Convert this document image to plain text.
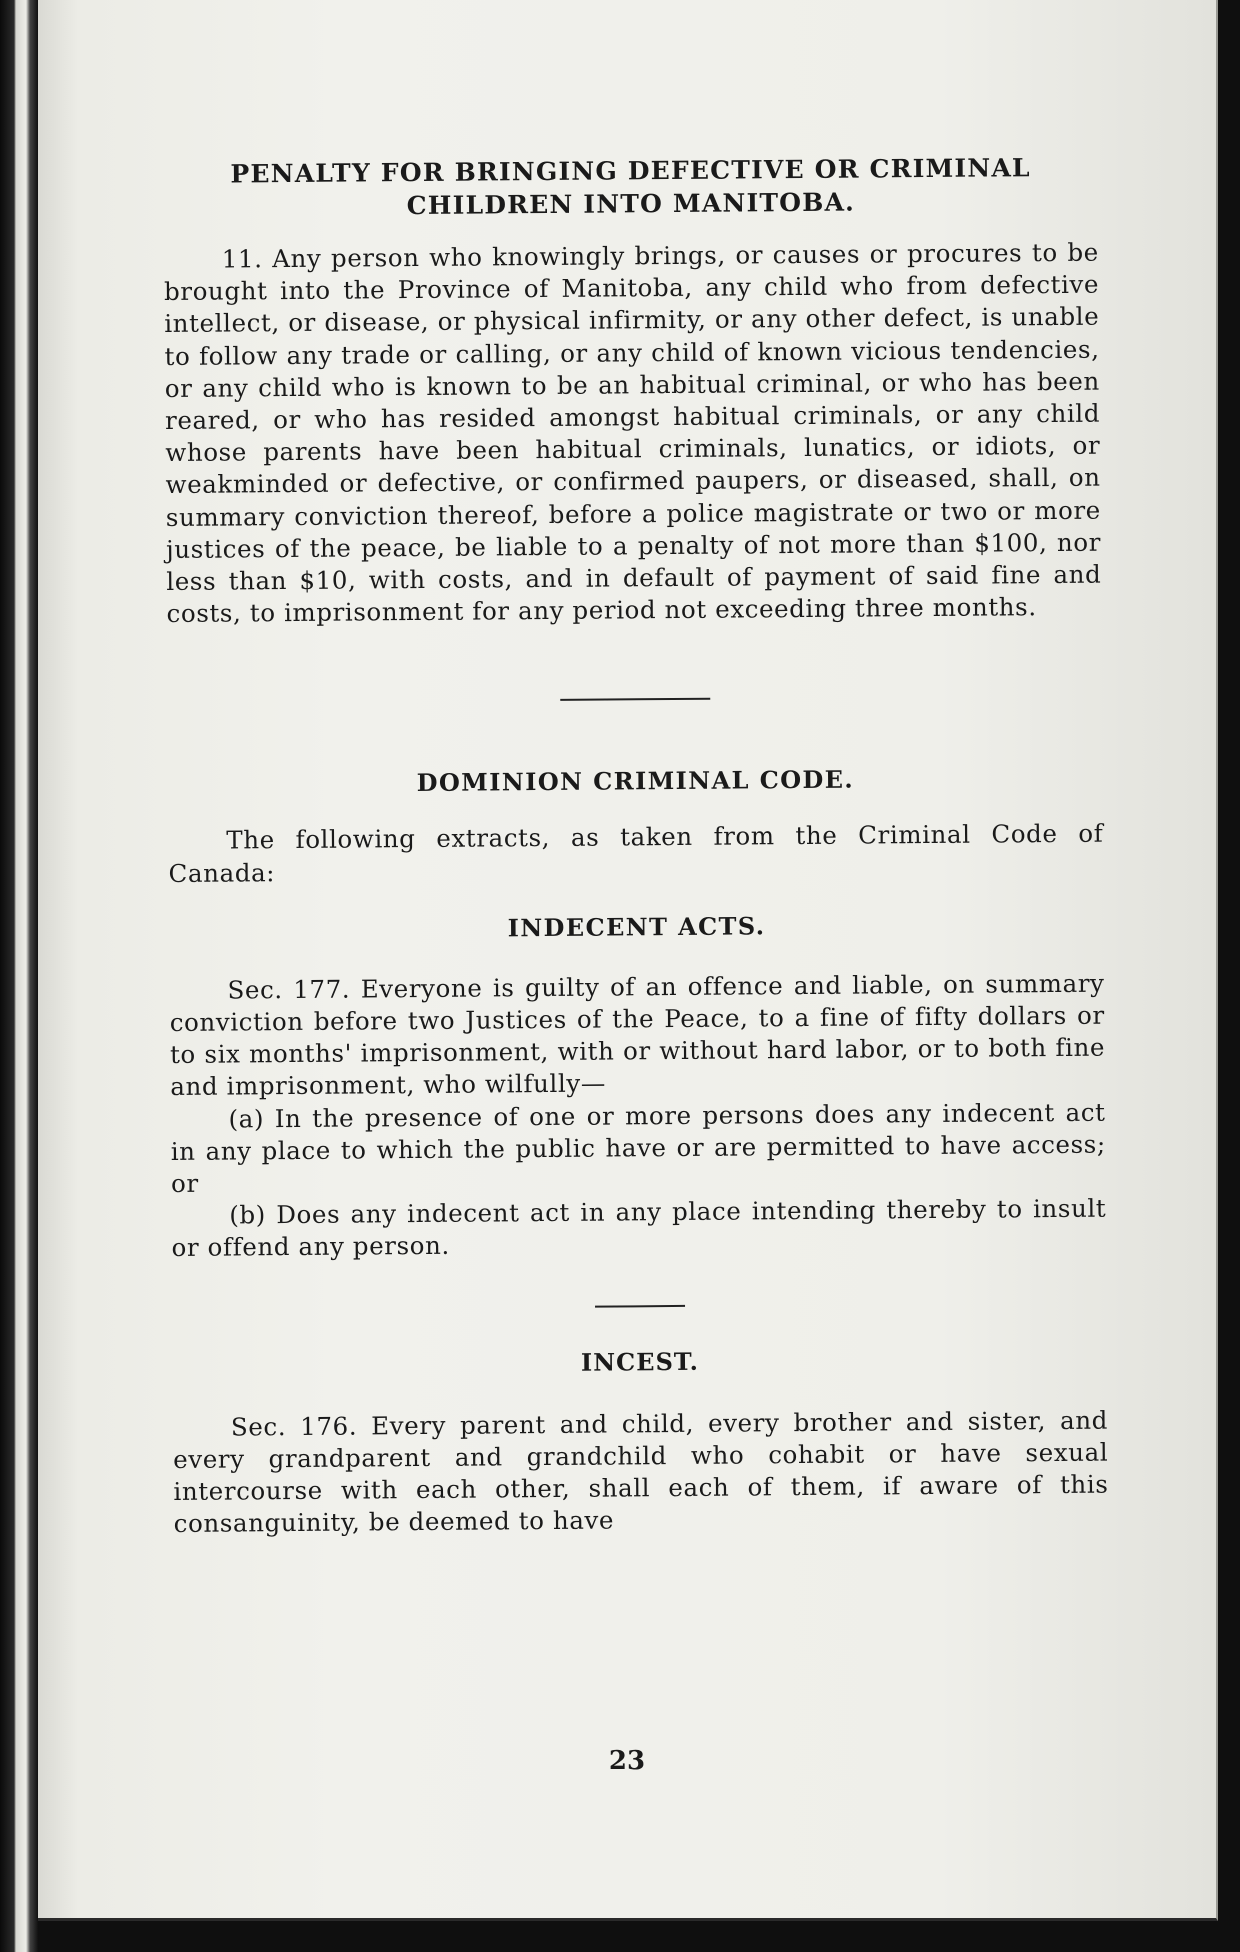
PENALTY FOR BRINGING DEFECTIVE OR CRIMINAL
CHILDREN INTO MANITOBA.

11. Any person who knowingly brings, or causes or procures to be brought into the Province of Manitoba, any child who from defective intellect, or disease, or physical infirmity, or any other defect, is unable to follow any trade or calling, or any child of known vicious tendencies, or any child who is known to be an habitual criminal, or who has been reared, or who has resided amongst habitual criminals, or any child whose parents have been habitual criminals, lunatics, or idiots, or weakminded or defective, or confirmed paupers, or diseased, shall, on summary conviction thereof, before a police magistrate or two or more justices of the peace, be liable to a penalty of not more than $100, nor less than $10, with costs, and in default of payment of said fine and costs, to imprisonment for any period not exceeding three months.

DOMINION CRIMINAL CODE.

The following extracts, as taken from the Criminal Code of Canada:

INDECENT ACTS.

Sec. 177. Everyone is guilty of an offence and liable, on summary conviction before two Justices of the Peace, to a fine of fifty dollars or to six months' imprisonment, with or without hard labor, or to both fine and imprisonment, who wilfully—

(a) In the presence of one or more persons does any indecent act in any place to which the public have or are permitted to have access; or

(b) Does any indecent act in any place intending thereby to insult or offend any person.

INCEST.

Sec. 176. Every parent and child, every brother and sister, and every grandparent and grandchild who cohabit or have sexual intercourse with each other, shall each of them, if aware of this consanguinity, be deemed to have

23
